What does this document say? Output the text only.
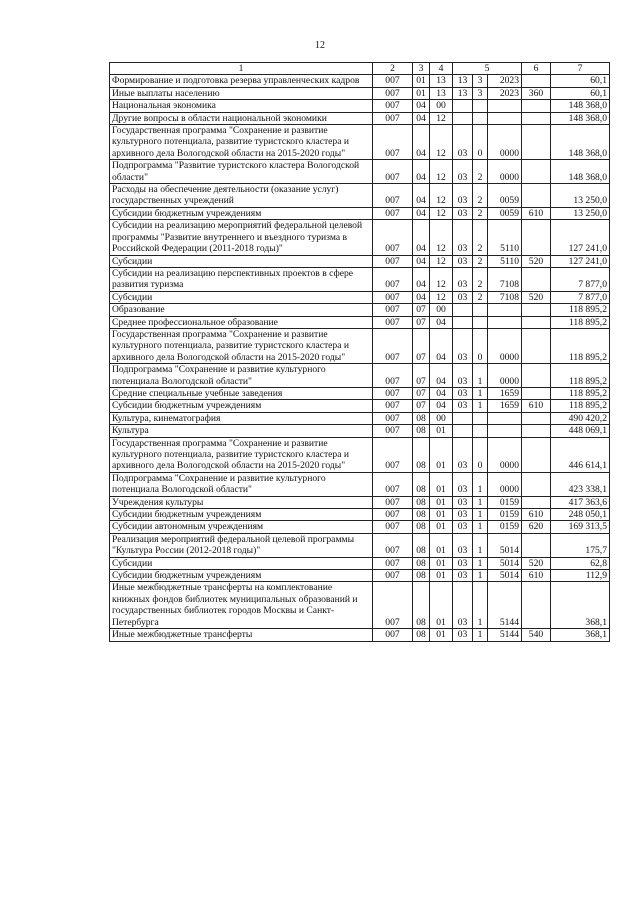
12
1	2	3	4	5			6	7
Формирование и подготовка резерва управленческих кадров	007	01	13	13	3	2023		60,1
Иные выплаты населению	007	01	13	13	3	2023	360	60,1
Национальная экономика	007	04	00					148 368,0
Другие вопросы в области национальной экономики	007	04	12					148 368,0
Государственная программа "Сохранение и развитие культурного потенциала, развитие туристского кластера и архивного дела Вологодской области на 2015-2020 годы"	007	04	12	03	0	0000		148 368,0
Подпрограмма "Развитие туристского кластера Вологодской области"	007	04	12	03	2	0000		148 368,0
Расходы на обеспечение деятельности (оказание услуг) государственных учреждений	007	04	12	03	2	0059		13 250,0
Субсидии бюджетным учреждениям	007	04	12	03	2	0059	610	13 250,0
Субсидии на реализацию мероприятий федеральной целевой программы "Развитие внутреннего и въездного туризма в Российской Федерации (2011-2018 годы)"	007	04	12	03	2	5110		127 241,0
Субсидии	007	04	12	03	2	5110	520	127 241,0
Субсидии на реализацию перспективных проектов в сфере развития туризма	007	04	12	03	2	7108		7 877,0
Субсидии	007	04	12	03	2	7108	520	7 877,0
Образование	007	07	00					118 895,2
Среднее профессиональное образование	007	07	04					118 895,2
Государственная программа "Сохранение и развитие культурного потенциала, развитие туристского кластера и архивного дела Вологодской области на 2015-2020 годы"	007	07	04	03	0	0000		118 895,2
Подпрограмма "Сохранение и развитие культурного потенциала Вологодской области"	007	07	04	03	1	0000		118 895,2
Средние специальные учебные заведения	007	07	04	03	1	1659		118 895,2
Субсидии бюджетным учреждениям	007	07	04	03	1	1659	610	118 895,2
Культура, кинематография	007	08	00					490 420,2
Культура	007	08	01					448 069,1
Государственная программа "Сохранение и развитие культурного потенциала, развитие туристского кластера и архивного дела Вологодской области на 2015-2020 годы"	007	08	01	03	0	0000		446 614,1
Подпрограмма "Сохранение и развитие культурного потенциала Вологодской области"	007	08	01	03	1	0000		423 338,1
Учреждения культуры	007	08	01	03	1	0159		417 363,6
Субсидии бюджетным учреждениям	007	08	01	03	1	0159	610	248 050,1
Субсидии автономным учреждениям	007	08	01	03	1	0159	620	169 313,5
Реализация мероприятий федеральной целевой программы "Культура России (2012-2018 годы)"	007	08	01	03	1	5014		175,7
Субсидии	007	08	01	03	1	5014	520	62,8
Субсидии бюджетным учреждениям	007	08	01	03	1	5014	610	112,9
Иные межбюджетные трансферты на комплектование книжных фондов библиотек муниципальных образований и государственных библиотек городов Москвы и Санкт-Петербурга	007	08	01	03	1	5144		368,1
Иные межбюджетные трансферты	007	08	01	03	1	5144	540	368,1
